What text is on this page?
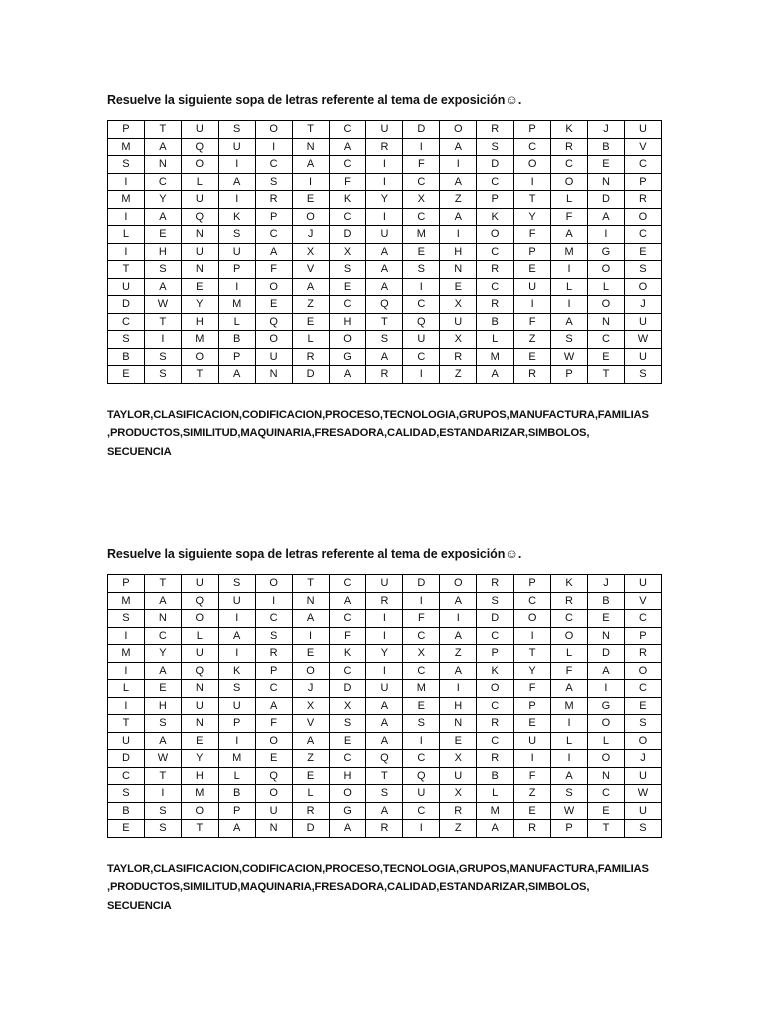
Resuelve la siguiente sopa de letras referente al tema de exposición☺.

P	T	U	S	O	T	C	U	D	O	R	P	K	J	U
M	A	Q	U	I	N	A	R	I	A	S	C	R	B	V
S	N	O	I	C	A	C	I	F	I	D	O	C	E	C
I	C	L	A	S	I	F	I	C	A	C	I	O	N	P
M	Y	U	I	R	E	K	Y	X	Z	P	T	L	D	R
I	A	Q	K	P	O	C	I	C	A	K	Y	F	A	O
L	E	N	S	C	J	D	U	M	I	O	F	A	I	C
I	H	U	U	A	X	X	A	E	H	C	P	M	G	E
T	S	N	P	F	V	S	A	S	N	R	E	I	O	S
U	A	E	I	O	A	E	A	I	E	C	U	L	L	O
D	W	Y	M	E	Z	C	Q	C	X	R	I	I	O	J
C	T	H	L	Q	E	H	T	Q	U	B	F	A	N	U
S	I	M	B	O	L	O	S	U	X	L	Z	S	C	W
B	S	O	P	U	R	G	A	C	R	M	E	W	E	U
E	S	T	A	N	D	A	R	I	Z	A	R	P	T	S
TAYLOR,CLASIFICACION,CODIFICACION,PROCESO,TECNOLOGIA,GRUPOS,MANUFACTURA,FAMILIAS
,PRODUCTOS,SIMILITUD,MAQUINARIA,FRESADORA,CALIDAD,ESTANDARIZAR,SIMBOLOS,
SECUENCIA

Resuelve la siguiente sopa de letras referente al tema de exposición☺.

P	T	U	S	O	T	C	U	D	O	R	P	K	J	U
M	A	Q	U	I	N	A	R	I	A	S	C	R	B	V
S	N	O	I	C	A	C	I	F	I	D	O	C	E	C
I	C	L	A	S	I	F	I	C	A	C	I	O	N	P
M	Y	U	I	R	E	K	Y	X	Z	P	T	L	D	R
I	A	Q	K	P	O	C	I	C	A	K	Y	F	A	O
L	E	N	S	C	J	D	U	M	I	O	F	A	I	C
I	H	U	U	A	X	X	A	E	H	C	P	M	G	E
T	S	N	P	F	V	S	A	S	N	R	E	I	O	S
U	A	E	I	O	A	E	A	I	E	C	U	L	L	O
D	W	Y	M	E	Z	C	Q	C	X	R	I	I	O	J
C	T	H	L	Q	E	H	T	Q	U	B	F	A	N	U
S	I	M	B	O	L	O	S	U	X	L	Z	S	C	W
B	S	O	P	U	R	G	A	C	R	M	E	W	E	U
E	S	T	A	N	D	A	R	I	Z	A	R	P	T	S
TAYLOR,CLASIFICACION,CODIFICACION,PROCESO,TECNOLOGIA,GRUPOS,MANUFACTURA,FAMILIAS
,PRODUCTOS,SIMILITUD,MAQUINARIA,FRESADORA,CALIDAD,ESTANDARIZAR,SIMBOLOS,
SECUENCIA
